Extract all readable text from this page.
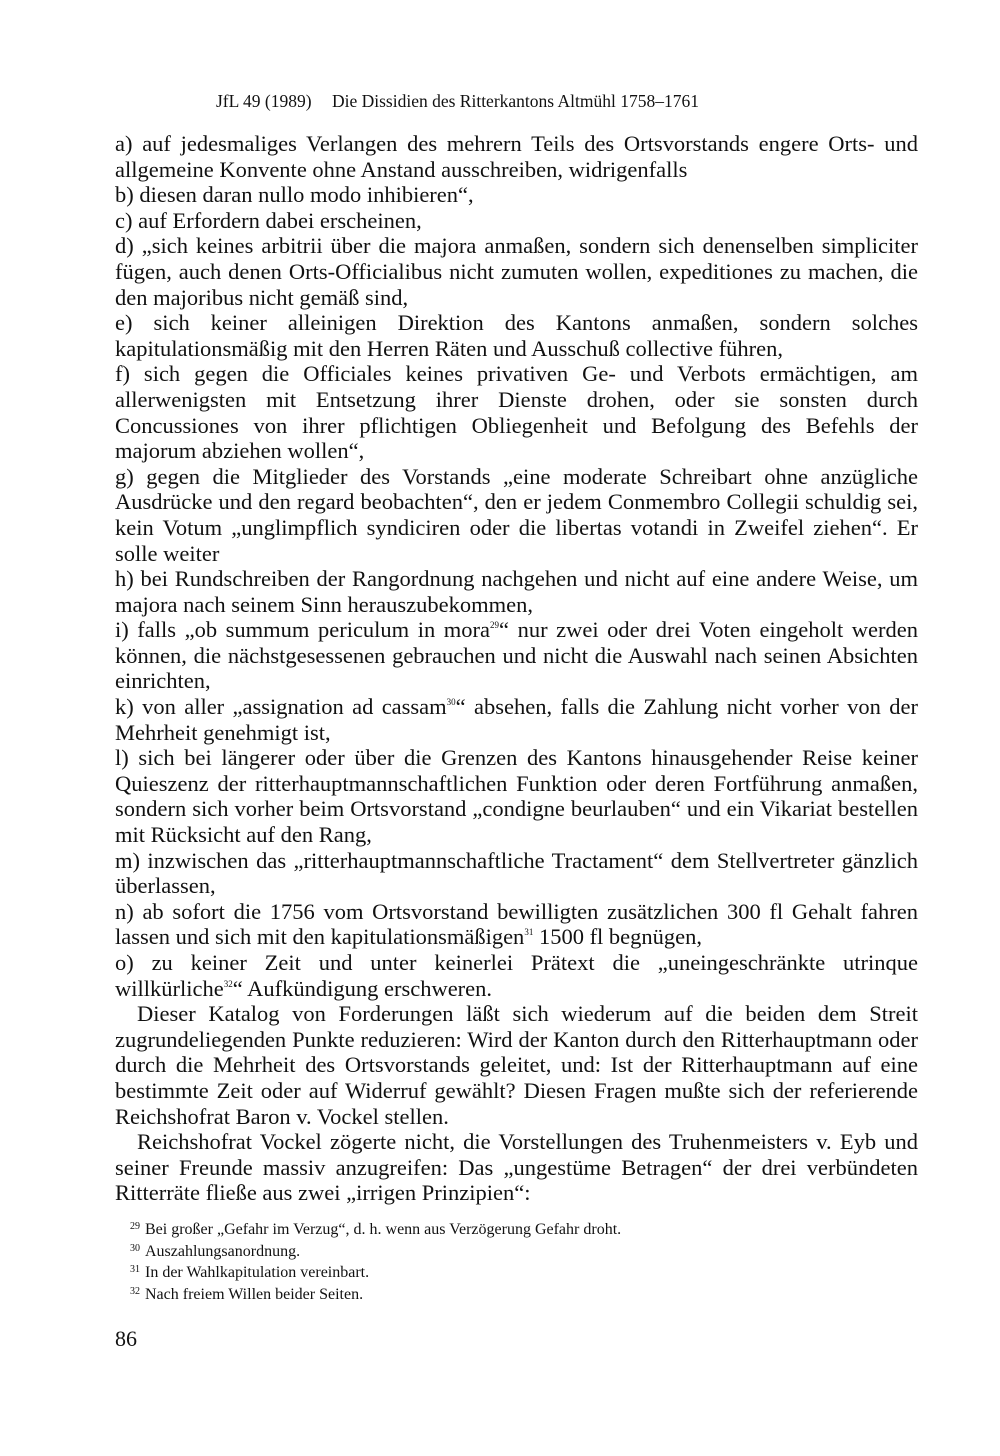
JfL 49 (1989) Die Dissidien des Ritterkantons Altmühl 1758–1761

a) auf jedesmaliges Verlangen des mehrern Teils des Ortsvorstands engere Orts- und allgemeine Konvente ohne Anstand ausschreiben, widrigenfalls

b) diesen daran nullo modo inhibieren“,

c) auf Erfordern dabei erscheinen,

d) „sich keines arbitrii über die majora anmaßen, sondern sich denenselben simpliciter fügen, auch denen Orts-Officialibus nicht zumuten wollen, expeditiones zu machen, die den majoribus nicht gemäß sind,

e) sich keiner alleinigen Direktion des Kantons anmaßen, sondern solches kapitulationsmäßig mit den Herren Räten und Ausschuß collective führen,

f) sich gegen die Officiales keines privativen Ge- und Verbots ermächtigen, am allerwenigsten mit Entsetzung ihrer Dienste drohen, oder sie sonsten durch Concussiones von ihrer pflichtigen Obliegenheit und Befolgung des Befehls der majorum abziehen wollen“,

g) gegen die Mitglieder des Vorstands „eine moderate Schreibart ohne anzügliche Ausdrücke und den regard beobachten“, den er jedem Conmembro Collegii schuldig sei, kein Votum „unglimpflich syndiciren oder die libertas votandi in Zweifel ziehen“. Er solle weiter

h) bei Rundschreiben der Rangordnung nachgehen und nicht auf eine andere Weise, um majora nach seinem Sinn herauszubekommen,

i) falls „ob summum periculum in mora$^{29}$“ nur zwei oder drei Voten eingeholt werden können, die nächstgesessenen gebrauchen und nicht die Auswahl nach seinen Absichten einrichten,

k) von aller „assignation ad cassam$^{30}$“ absehen, falls die Zahlung nicht vorher von der Mehrheit genehmigt ist,

l) sich bei längerer oder über die Grenzen des Kantons hinausgehender Reise keiner Quieszenz der ritterhauptmannschaftlichen Funktion oder deren Fortführung anmaßen, sondern sich vorher beim Ortsvorstand „condigne beurlauben“ und ein Vikariat bestellen mit Rücksicht auf den Rang,

m) inzwischen das „ritterhauptmannschaftliche Tractament“ dem Stellvertreter gänzlich überlassen,

n) ab sofort die 1756 vom Ortsvorstand bewilligten zusätzlichen 300 fl Gehalt fahren lassen und sich mit den kapitulationsmäßigen$^{31}$ 1500 fl begnügen,

o) zu keiner Zeit und unter keinerlei Prätext die „uneingeschränkte utrinque willkürliche$^{32}$“ Aufkündigung erschweren.

Dieser Katalog von Forderungen läßt sich wiederum auf die beiden dem Streit zugrundeliegenden Punkte reduzieren: Wird der Kanton durch den Ritterhauptmann oder durch die Mehrheit des Ortsvorstands geleitet, und: Ist der Ritterhauptmann auf eine bestimmte Zeit oder auf Widerruf gewählt? Diesen Fragen mußte sich der referierende Reichshofrat Baron v. Vockel stellen.

Reichshofrat Vockel zögerte nicht, die Vorstellungen des Truhenmeisters v. Eyb und seiner Freunde massiv anzugreifen: Das „ungestüme Betragen“ der drei verbündeten Ritterräte fließe aus zwei „irrigen Prinzipien“:

29 Bei großer „Gefahr im Verzug“, d. h. wenn aus Verzögerung Gefahr droht.

30 Auszahlungsanordnung.

31 In der Wahlkapitulation vereinbart.

32 Nach freiem Willen beider Seiten.

86
